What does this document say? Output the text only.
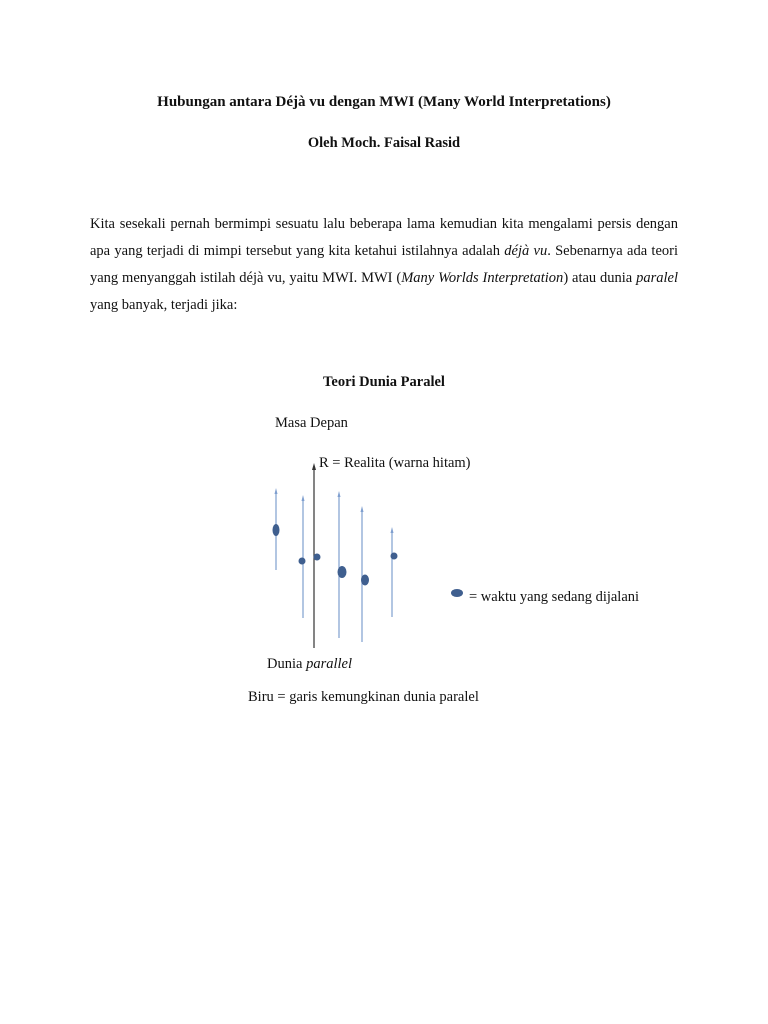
Hubungan antara Déjà vu dengan MWI (Many World Interpretations)
Oleh Moch. Faisal Rasid
Kita sesekali pernah bermimpi sesuatu lalu beberapa lama kemudian kita mengalami persis dengan apa yang terjadi di mimpi tersebut yang kita ketahui istilahnya adalah déjà vu. Sebenarnya ada teori yang menyanggah istilah déjà vu, yaitu MWI. MWI (Many Worlds Interpretation) atau dunia paralel yang banyak, terjadi jika:
Teori Dunia Paralel
Masa Depan
R = Realita (warna hitam)
= waktu yang sedang dijalani
Dunia parallel
Biru = garis kemungkinan dunia paralel
